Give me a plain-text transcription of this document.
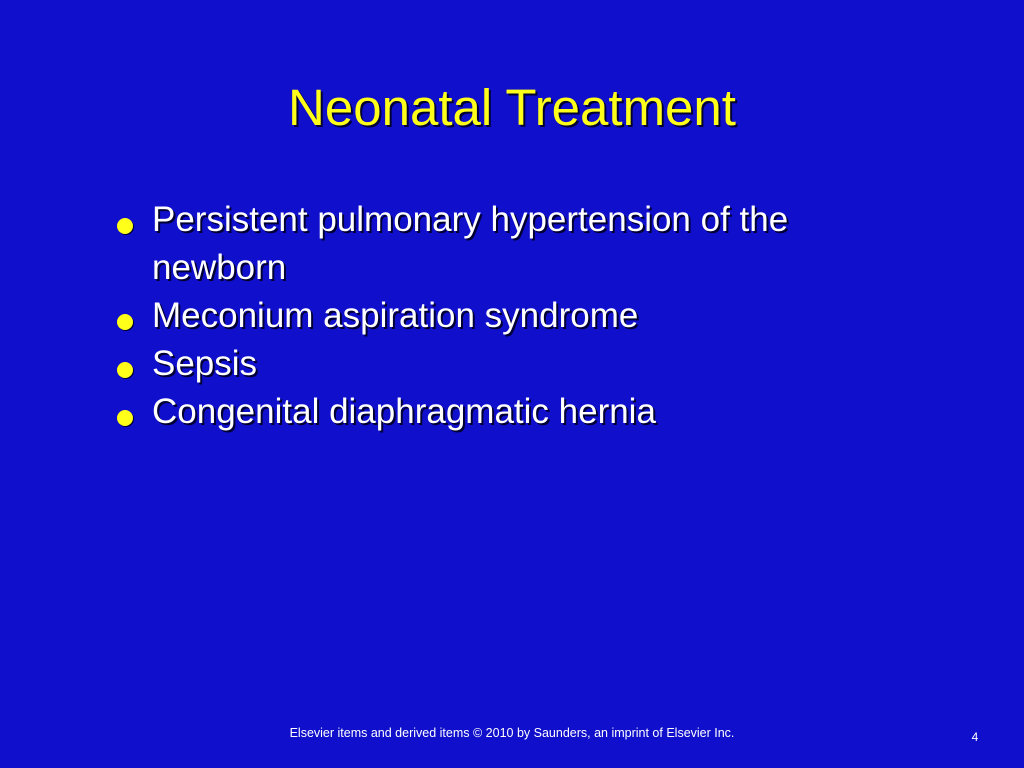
Neonatal Treatment
Persistent pulmonary hypertension of the newborn
Meconium aspiration syndrome
Sepsis
Congenital diaphragmatic hernia
Elsevier items and derived items © 2010 by Saunders, an imprint of Elsevier Inc.	4
